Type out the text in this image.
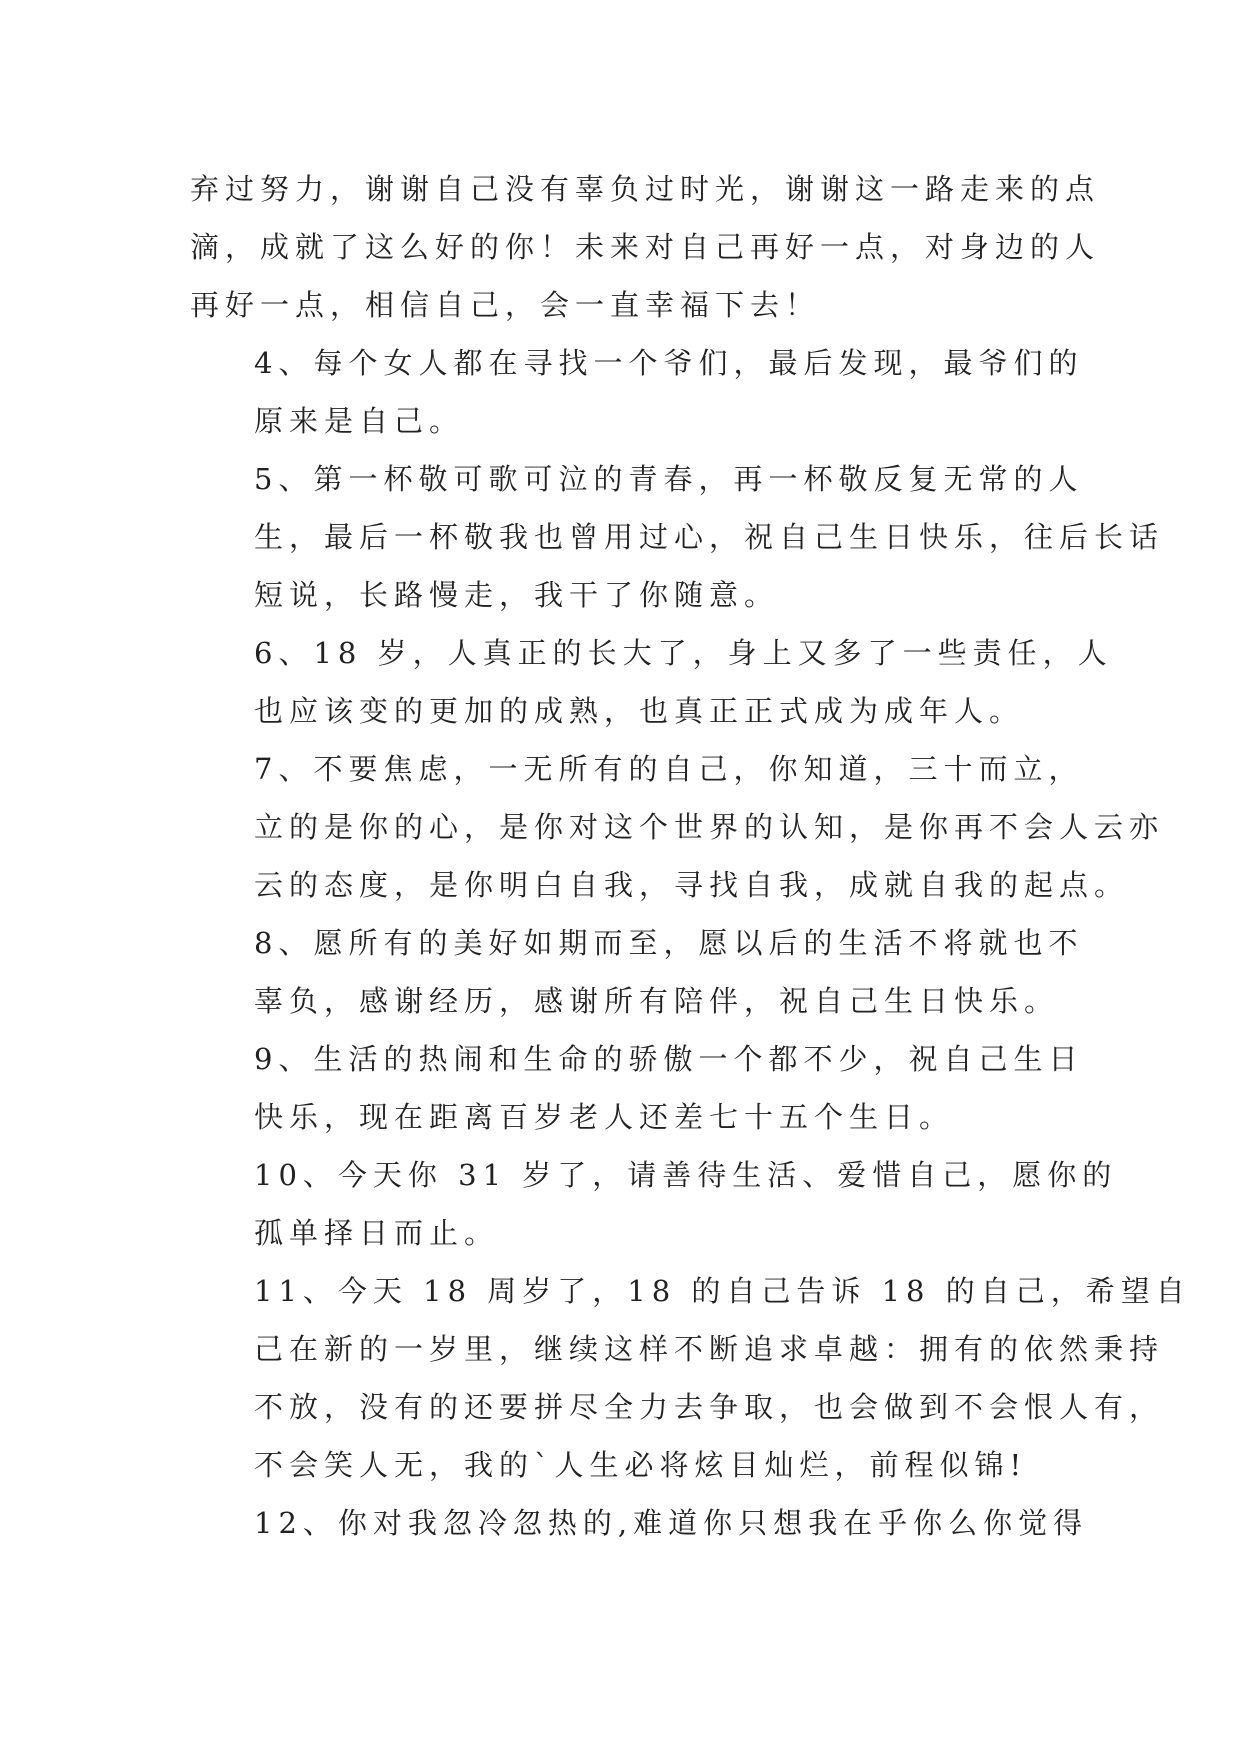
弃过努力，谢谢自己没有辜负过时光，谢谢这一路走来的点
滴，成就了这么好的你！未来对自己再好一点，对身边的人
再好一点，相信自己，会一直幸福下去！

4、每个女人都在寻找一个爷们，最后发现，最爷们的
原来是自己。

5、第一杯敬可歌可泣的青春，再一杯敬反复无常的人
生，最后一杯敬我也曾用过心，祝自己生日快乐，往后长话
短说，长路慢走，我干了你随意。

6、18 岁，人真正的长大了，身上又多了一些责任，人
也应该变的更加的成熟，也真正正式成为成年人。

7、不要焦虑，一无所有的自己，你知道，三十而立，
立的是你的心，是你对这个世界的认知，是你再不会人云亦
云的态度，是你明白自我，寻找自我，成就自我的起点。

8、愿所有的美好如期而至，愿以后的生活不将就也不
辜负，感谢经历，感谢所有陪伴，祝自己生日快乐。

9、生活的热闹和生命的骄傲一个都不少，祝自己生日
快乐，现在距离百岁老人还差七十五个生日。

10、今天你 31 岁了，请善待生活、爱惜自己，愿你的
孤单择日而止。

11、今天 18 周岁了，18 的自己告诉 18 的自己，希望自
己在新的一岁里，继续这样不断追求卓越：拥有的依然秉持
不放，没有的还要拼尽全力去争取，也会做到不会恨人有，
不会笑人无，我的`人生必将炫目灿烂，前程似锦!

12、你对我忽冷忽热的,难道你只想我在乎你么你觉得
